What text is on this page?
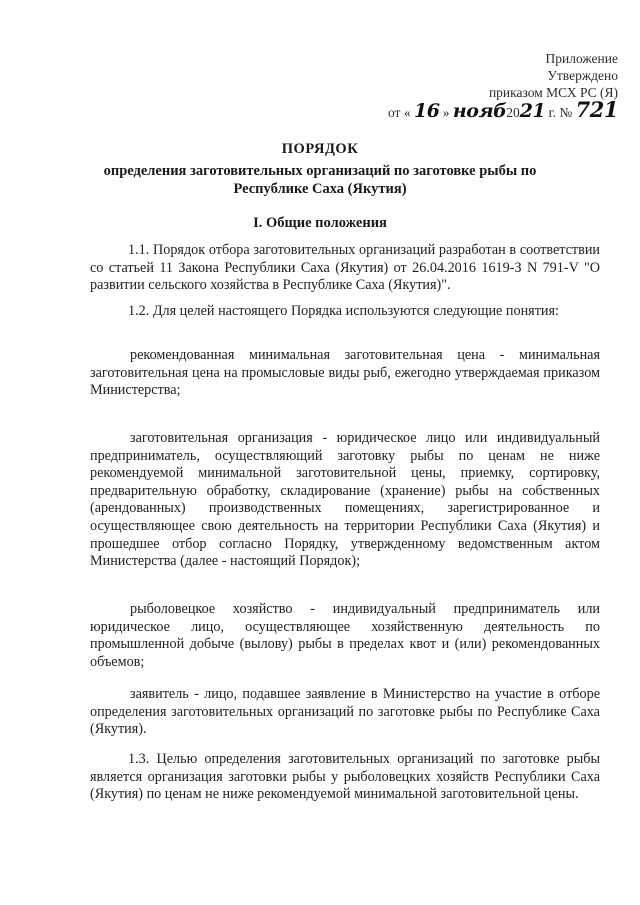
Приложение
Утверждено
приказом МСХ РС (Я)
от « 16 » нояб2021 г. № 721
ПОРЯДОК
определения заготовительных организаций по заготовке рыбы по
Республике Саха (Якутия)
I. Общие положения
1.1. Порядок отбора заготовительных организаций разработан в соответствии со статьей 11 Закона Республики Саха (Якутия) от 26.04.2016 1619-З N 791-V "О развитии сельского хозяйства в Республике Саха (Якутия)".
1.2. Для целей настоящего Порядка используются следующие понятия:
рекомендованная минимальная заготовительная цена - минимальная заготовительная цена на промысловые виды рыб, ежегодно утверждаемая приказом Министерства;
заготовительная организация - юридическое лицо или индивидуальный предприниматель, осуществляющий заготовку рыбы по ценам не ниже рекомендуемой минимальной заготовительной цены, приемку, сортировку, предварительную обработку, складирование (хранение) рыбы на собственных (арендованных) производственных помещениях, зарегистрированное и осуществляющее свою деятельность на территории Республики Саха (Якутия) и прошедшее отбор согласно Порядку, утвержденному ведомственным актом Министерства (далее - настоящий Порядок);
рыболовецкое хозяйство - индивидуальный предприниматель или юридическое лицо, осуществляющее хозяйственную деятельность по промышленной добыче (вылову) рыбы в пределах квот и (или) рекомендованных объемов;
заявитель - лицо, подавшее заявление в Министерство на участие в отборе определения заготовительных организаций по заготовке рыбы по Республике Саха (Якутия).
1.3. Целью определения заготовительных организаций по заготовке рыбы является организация заготовки рыбы у рыболовецких хозяйств Республики Саха (Якутия) по ценам не ниже рекомендуемой минимальной заготовительной цены.
